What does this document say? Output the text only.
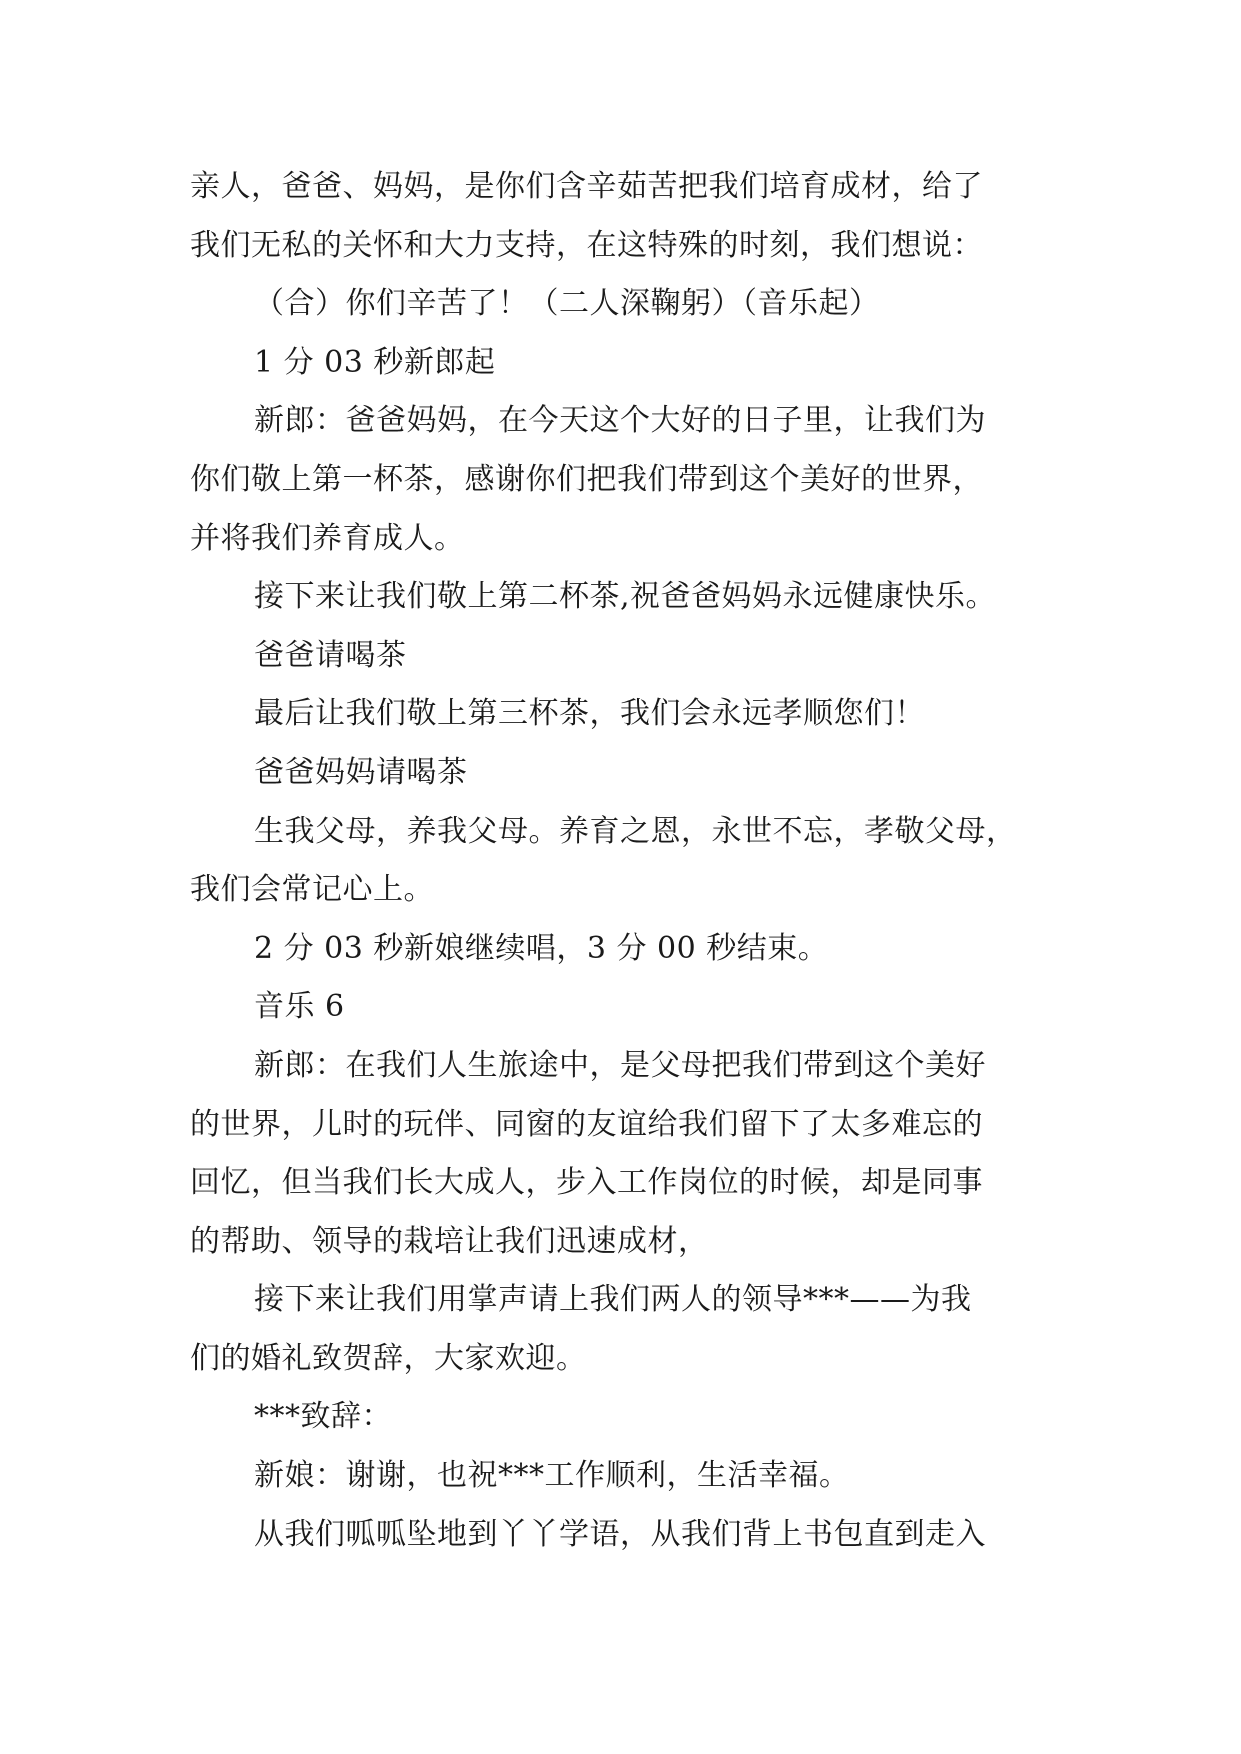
亲人，爸爸、妈妈，是你们含辛茹苦把我们培育成材，给了
我们无私的关怀和大力支持，在这特殊的时刻，我们想说：
（合）你们辛苦了！（二人深鞠躬）（音乐起）
1 分 03 秒新郎起
新郎：爸爸妈妈，在今天这个大好的日子里，让我们为
你们敬上第一杯茶，感谢你们把我们带到这个美好的世界，
并将我们养育成人。
接下来让我们敬上第二杯茶,祝爸爸妈妈永远健康快乐。
爸爸请喝茶
最后让我们敬上第三杯茶，我们会永远孝顺您们！
爸爸妈妈请喝茶
生我父母，养我父母。养育之恩，永世不忘，孝敬父母，
我们会常记心上。
2 分 03 秒新娘继续唱，3 分 00 秒结束。
音乐 6
新郎：在我们人生旅途中，是父母把我们带到这个美好
的世界，儿时的玩伴、同窗的友谊给我们留下了太多难忘的
回忆，但当我们长大成人，步入工作岗位的时候，却是同事
的帮助、领导的栽培让我们迅速成材，
接下来让我们用掌声请上我们两人的领导***——为我
们的婚礼致贺辞，大家欢迎。
***致辞：
新娘：谢谢，也祝***工作顺利，生活幸福。
从我们呱呱坠地到丫丫学语，从我们背上书包直到走入
